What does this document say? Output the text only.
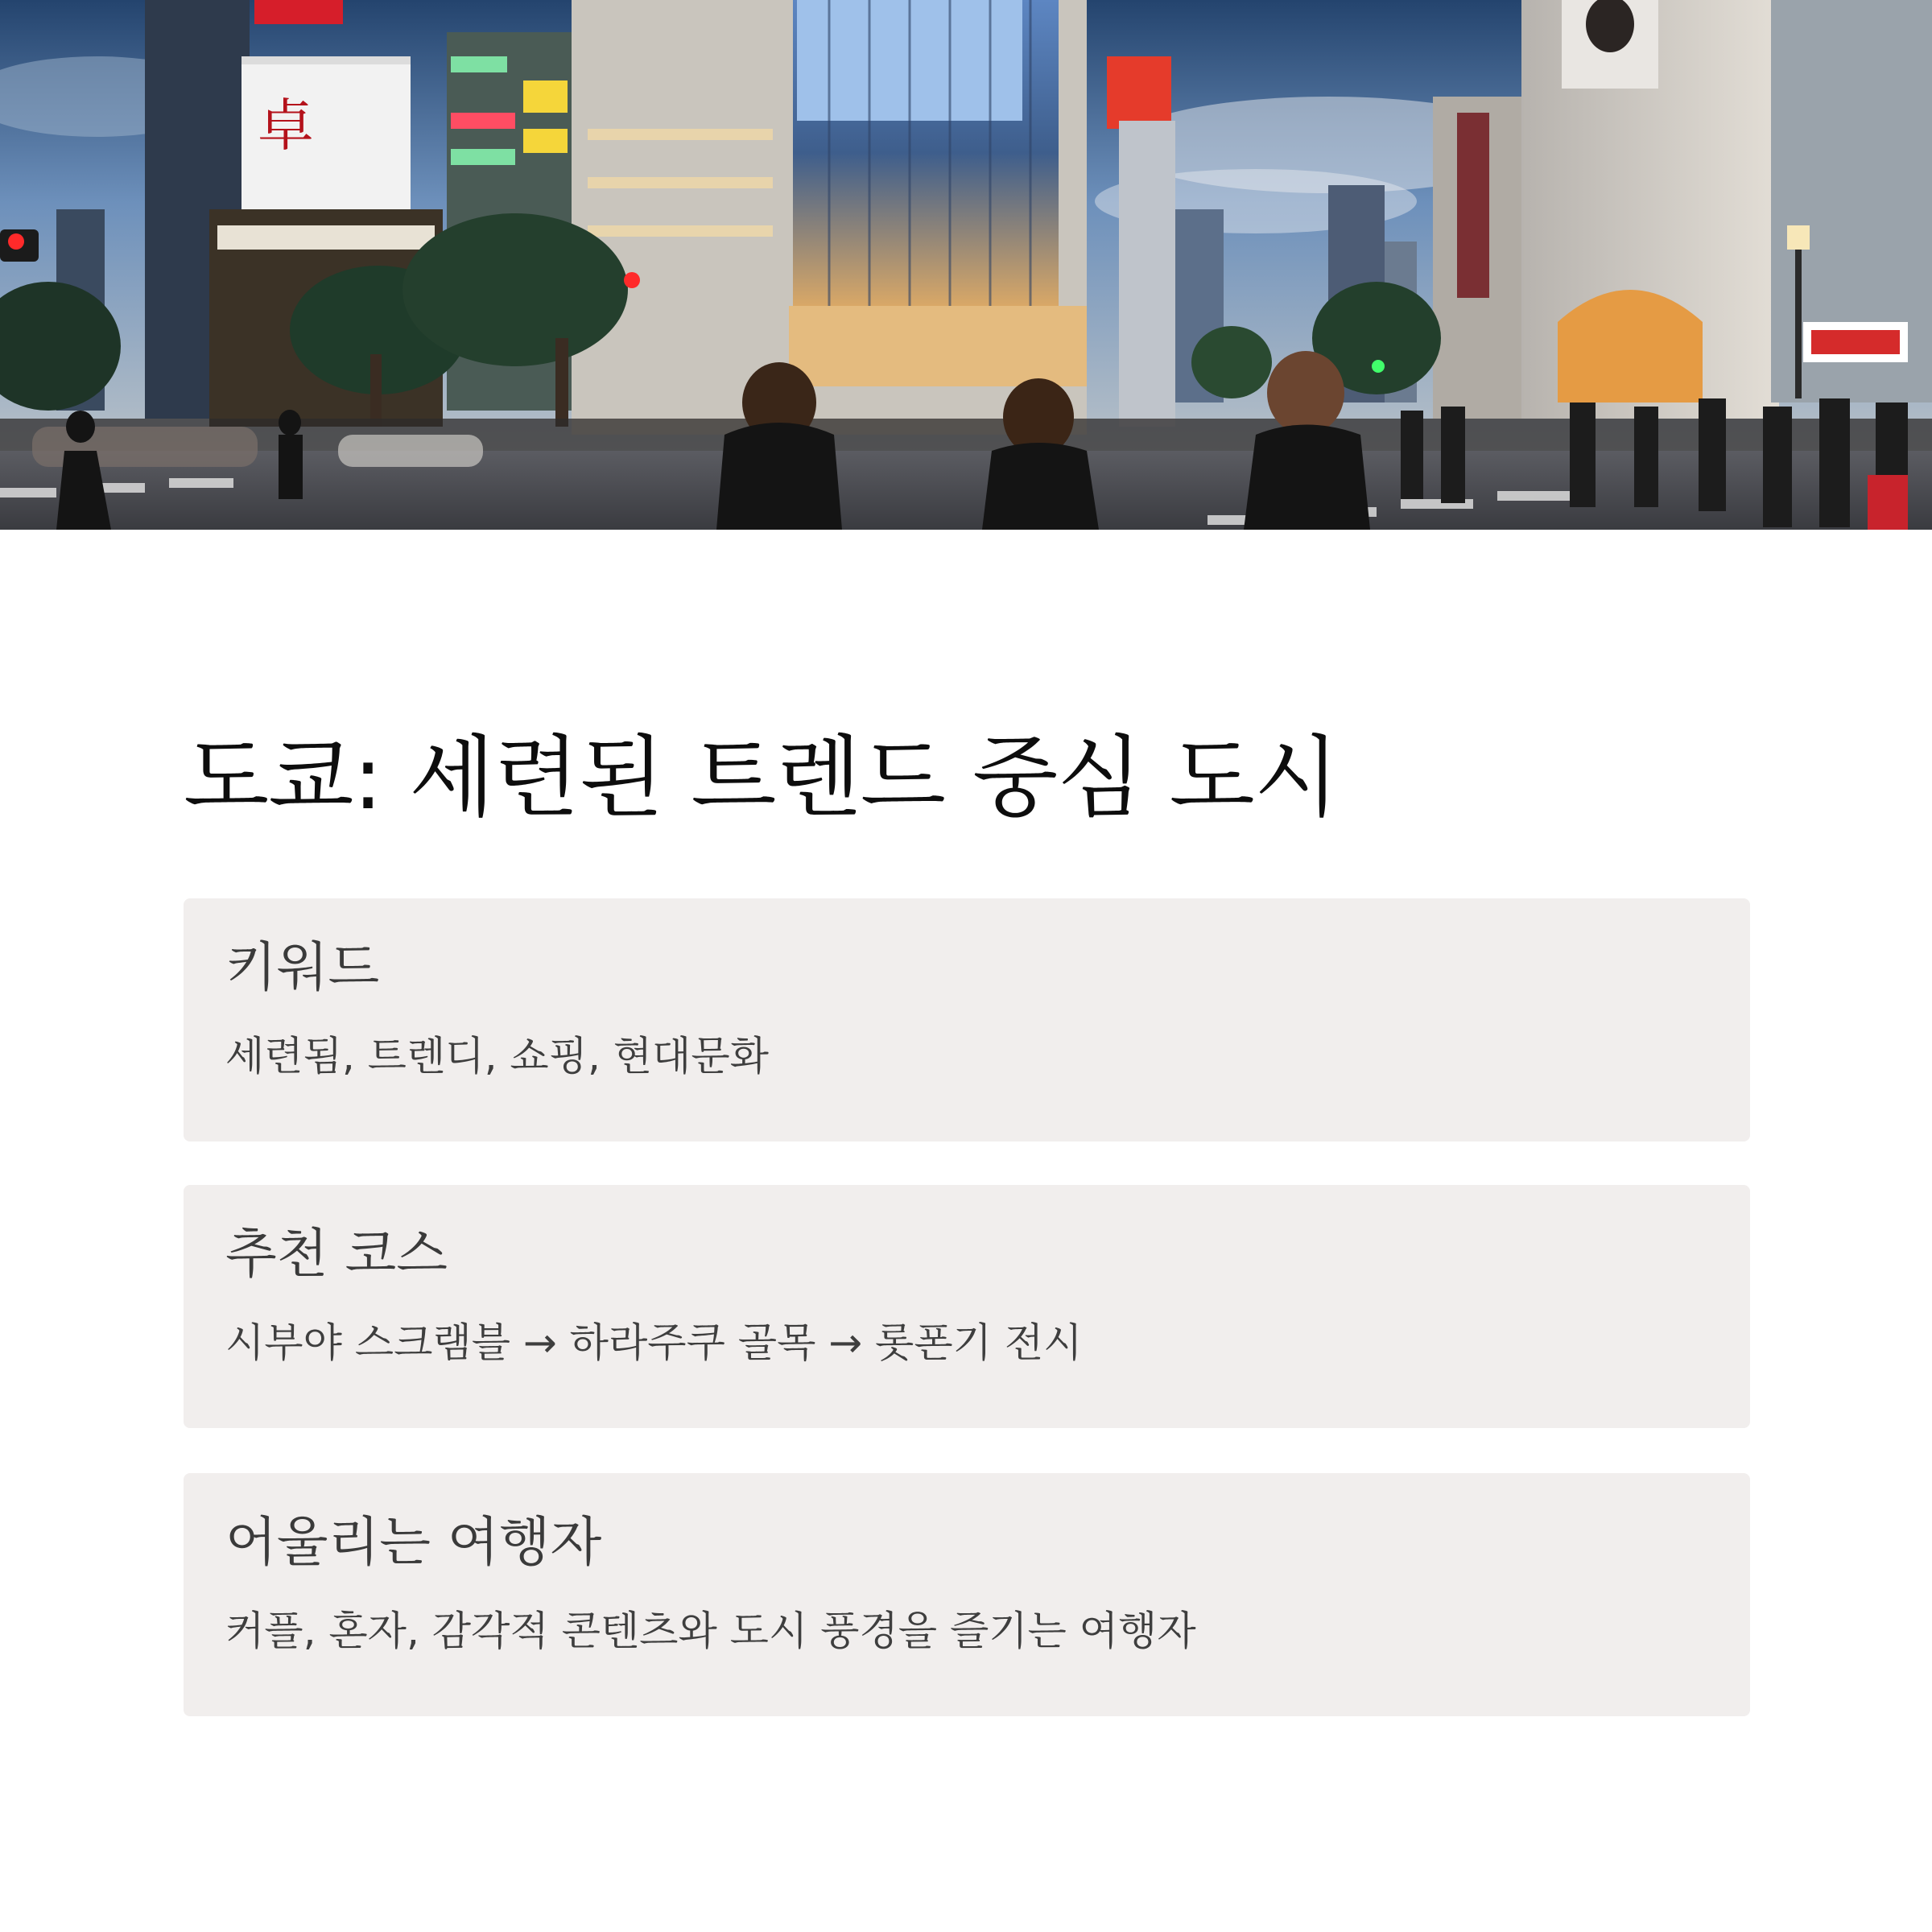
卓
도쿄: 세련된 트렌드 중심 도시
키워드

세련됨, 트렌디, 쇼핑, 현대문화

추천 코스

시부야 스크램블 → 하라주쿠 골목 → 롯폰기 전시

어울리는 여행자

커플, 혼자, 감각적 콘텐츠와 도시 풍경을 즐기는 여행자
